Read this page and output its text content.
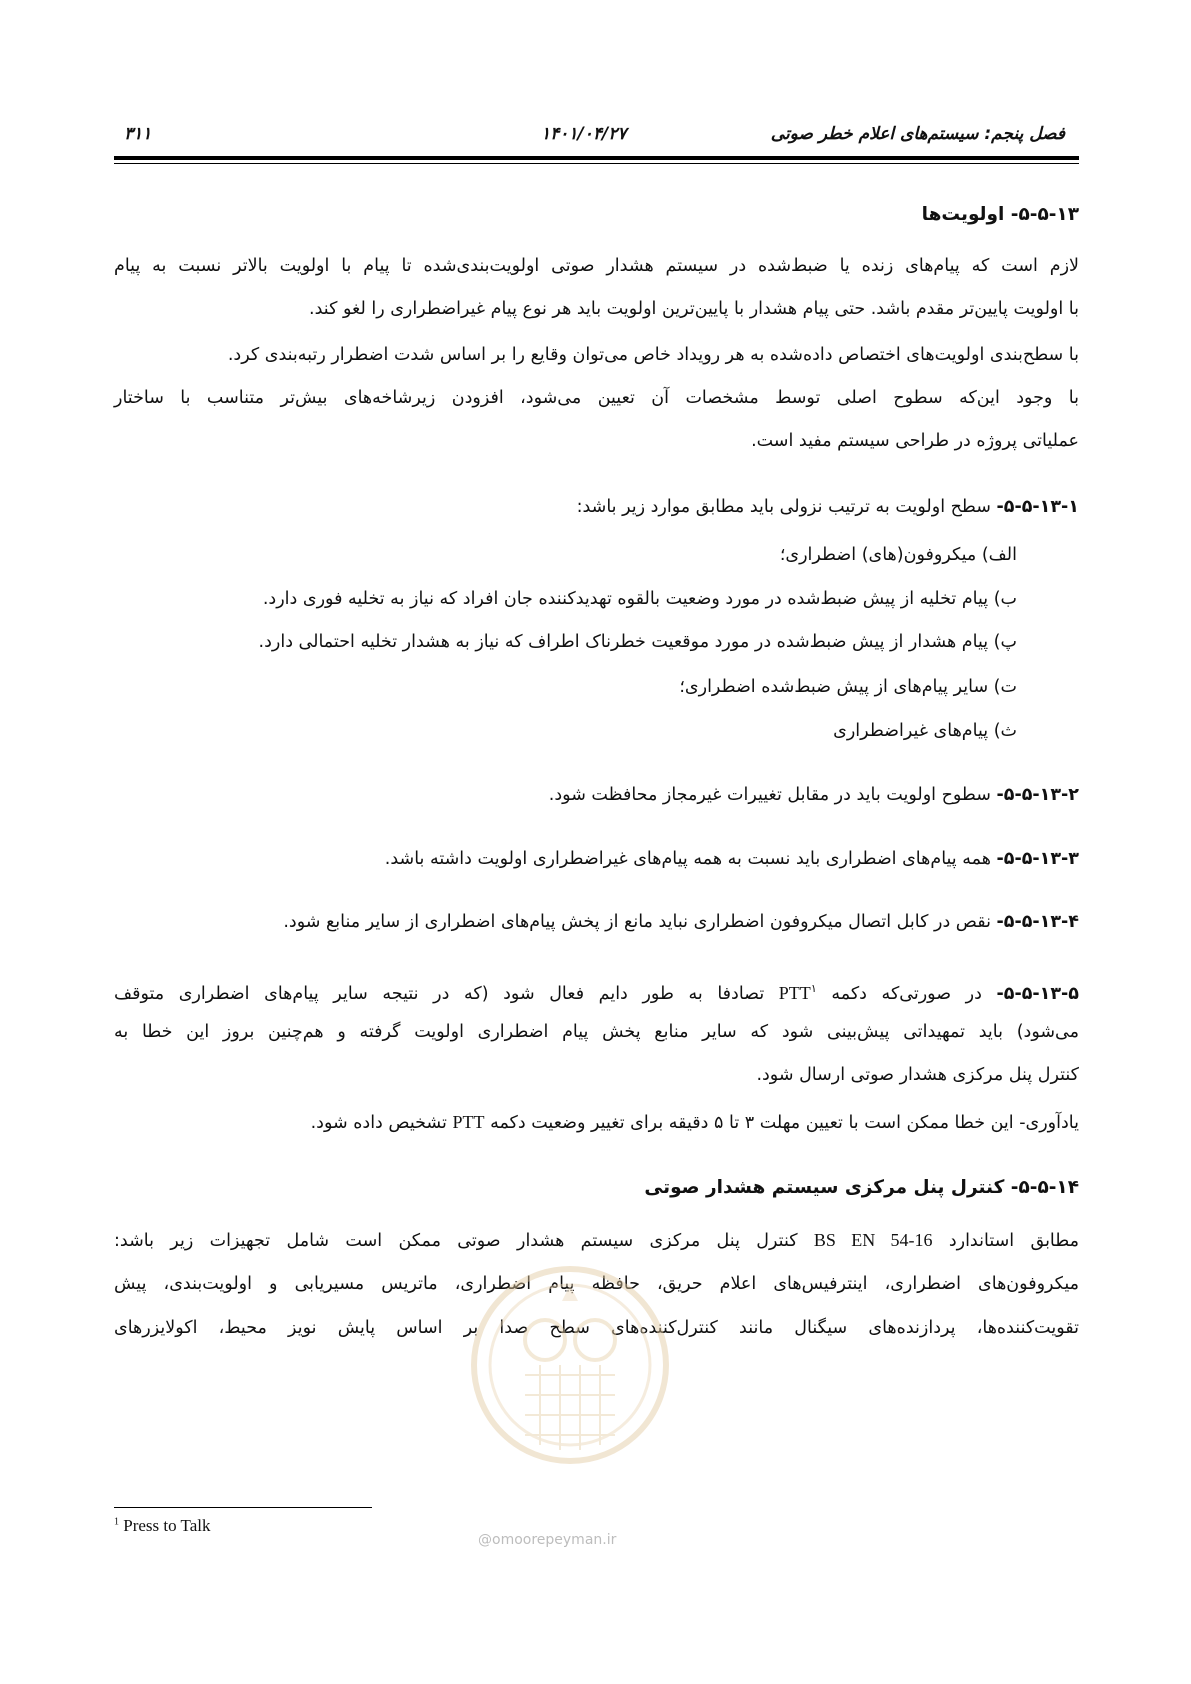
فصل پنجم: سیستم‌های اعلام خطر صوتی
۱۴۰۱/۰۴/۲۷
۳۱۱
۵-۵-۱۳- اولویت‌ها
لازم است که پیام‌های زنده یا ضبط‌شده در سیستم هشدار صوتی اولویت‌بندی‌شده تا پیام با اولویت بالاتر نسبت به پیام
با اولویت پایین‌تر مقدم باشد. حتی پیام هشدار با پایین‌ترین اولویت باید هر نوع پیام غیراضطراری را لغو کند.
با سطح‌بندی اولویت‌های اختصاص داده‌شده به هر رویداد خاص می‌توان وقایع را بر اساس شدت اضطرار رتبه‌بندی کرد.
با وجود این‌که سطوح اصلی توسط مشخصات آن تعیین می‌شود، افزودن زیرشاخه‌های بیش‌تر متناسب با ساختار
عملیاتی پروژه در طراحی سیستم مفید است.
۵-۵-۱۳-۱- سطح اولویت به ترتیب نزولی باید مطابق موارد زیر باشد:
الف) میکروفون(های) اضطراری؛
ب) پیام تخلیه از پیش ضبط‌شده در مورد وضعیت بالقوه تهدیدکننده جان افراد که نیاز به تخلیه فوری دارد.
پ) پیام هشدار از پیش ضبط‌شده در مورد موقعیت خطرناک اطراف که نیاز به هشدار تخلیه احتمالی دارد.
ت) سایر پیام‌های از پیش ضبط‌شده اضطراری؛
ث) پیام‌های غیراضطراری
۵-۵-۱۳-۲- سطوح اولویت باید در مقابل تغییرات غیرمجاز محافظت شود.
۵-۵-۱۳-۳- همه پیام‌های اضطراری باید نسبت به همه پیام‌های غیراضطراری اولویت داشته باشد.
۵-۵-۱۳-۴- نقص در کابل اتصال میکروفون اضطراری نباید مانع از پخش پیام‌های اضطراری از سایر منابع شود.
۵-۵-۱۳-۵- در صورتی‌که دکمه PTT$^۱$ تصادفا به طور دایم فعال شود (که در نتیجه سایر پیام‌های اضطراری متوقف
می‌شود) باید تمهیداتی پیش‌بینی شود که سایر منابع پخش پیام اضطراری اولویت گرفته و هم‌چنین بروز این خطا به
کنترل پنل مرکزی هشدار صوتی ارسال شود.
یادآوری- این خطا ممکن است با تعیین مهلت ۳ تا ۵ دقیقه برای تغییر وضعیت دکمه PTT تشخیص داده شود.
۵-۵-۱۴- کنترل پنل مرکزی سیستم هشدار صوتی
مطابق استاندارد BS EN 54-16 کنترل پنل مرکزی سیستم هشدار صوتی ممکن است شامل تجهیزات زیر باشد:
میکروفون‌های اضطراری، اینترفیس‌های اعلام حریق، حافظه پیام اضطراری، ماتریس مسیریابی و اولویت‌بندی، پیش
تقویت‌کننده‌ها، پردازنده‌های سیگنال مانند کنترل‌کننده‌های سطح صدا بر اساس پایش نویز محیط، اکولایزرهای
@omoorepeyman.ir
$^1$ Press to Talk
